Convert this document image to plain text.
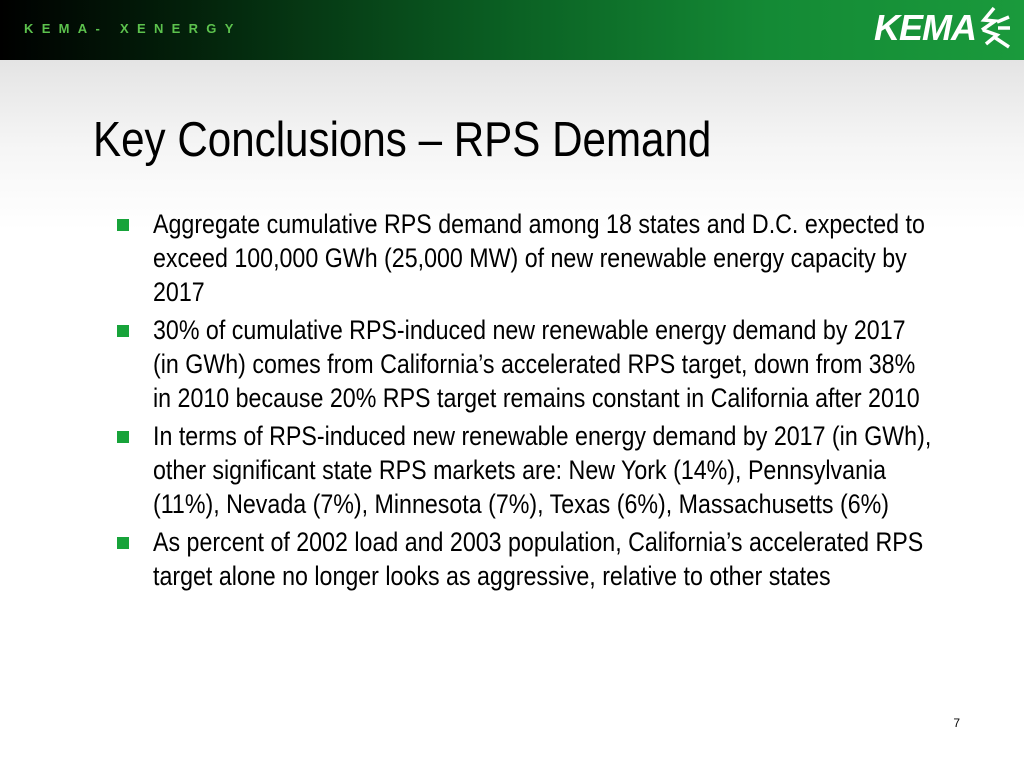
KEMA- XENERGY	KEMA
Key Conclusions – RPS Demand
Aggregate cumulative RPS demand among 18 states and D.C. expected to exceed 100,000 GWh (25,000 MW) of new renewable energy capacity by 2017
30% of cumulative RPS-induced new renewable energy demand by 2017 (in GWh) comes from California’s accelerated RPS target, down from 38% in 2010 because 20% RPS target remains constant in California after 2010
In terms of RPS-induced new renewable energy demand by 2017 (in GWh), other significant state RPS markets are: New York (14%), Pennsylvania (11%), Nevada (7%), Minnesota (7%), Texas (6%), Massachusetts (6%)
As percent of 2002 load and 2003 population, California’s accelerated RPS target alone no longer looks as aggressive, relative to other states
7
